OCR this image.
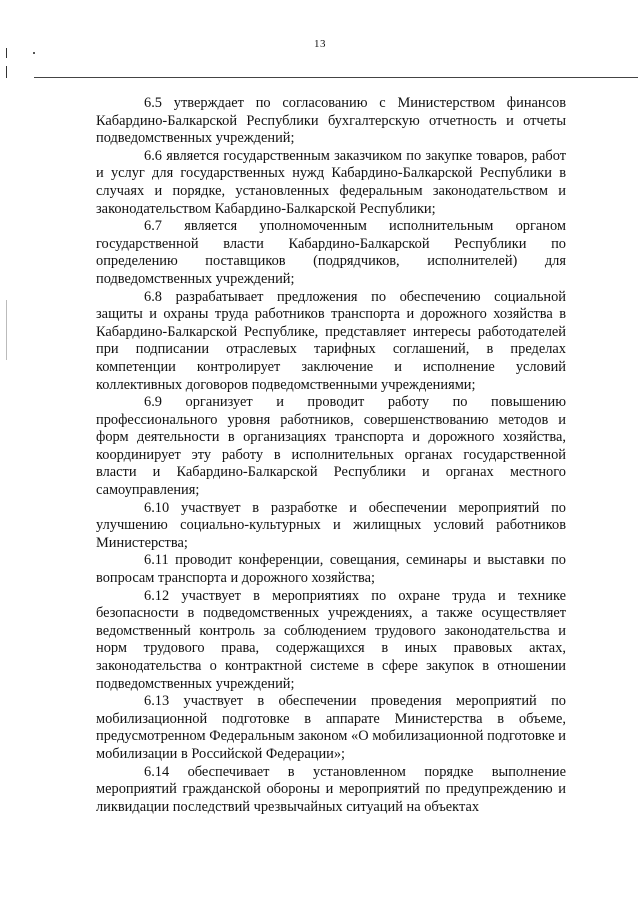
13

6.5 утверждает по согласованию с Министерством финансов Кабардино-Балкарской Республики бухгалтерскую отчетность и отчеты подведомственных учреждений;

6.6 является государственным заказчиком по закупке товаров, работ и услуг для государственных нужд Кабардино-Балкарской Республики в случаях и порядке, установленных федеральным законодательством и законодательством Кабардино-Балкарской Республики;

6.7 является уполномоченным исполнительным органом государственной власти Кабардино-Балкарской Республики по определению поставщиков (подрядчиков, исполнителей) для подведомственных учреждений;

6.8 разрабатывает предложения по обеспечению социальной защиты и охраны труда работников транспорта и дорожного хозяйства в Кабардино-Балкарской Республике, представляет интересы работодателей при подписании отраслевых тарифных соглашений, в пределах компетенции контролирует заключение и исполнение условий коллективных договоров подведомственными учреждениями;

6.9 организует и проводит работу по повышению профессионального уровня работников, совершенствованию методов и форм деятельности в организациях транспорта и дорожного хозяйства, координирует эту работу в исполнительных органах государственной власти и Кабардино-Балкарской Республики и органах местного самоуправления;

6.10 участвует в разработке и обеспечении мероприятий по улучшению социально-культурных и жилищных условий работников Министерства;

6.11 проводит конференции, совещания, семинары и выставки по вопросам транспорта и дорожного хозяйства;

6.12 участвует в мероприятиях по охране труда и технике безопасности в подведомственных учреждениях, а также осуществляет ведомственный контроль за соблюдением трудового законодательства и норм трудового права, содержащихся в иных правовых актах, законодательства о контрактной системе в сфере закупок в отношении подведомственных учреждений;

6.13 участвует в обеспечении проведения мероприятий по мобилизационной подготовке в аппарате Министерства в объеме, предусмотренном Федеральным законом «О мобилизационной подготовке и мобилизации в Российской Федерации»;

6.14 обеспечивает в установленном порядке выполнение мероприятий гражданской обороны и мероприятий по предупреждению и ликвидации последствий чрезвычайных ситуаций на объектах
